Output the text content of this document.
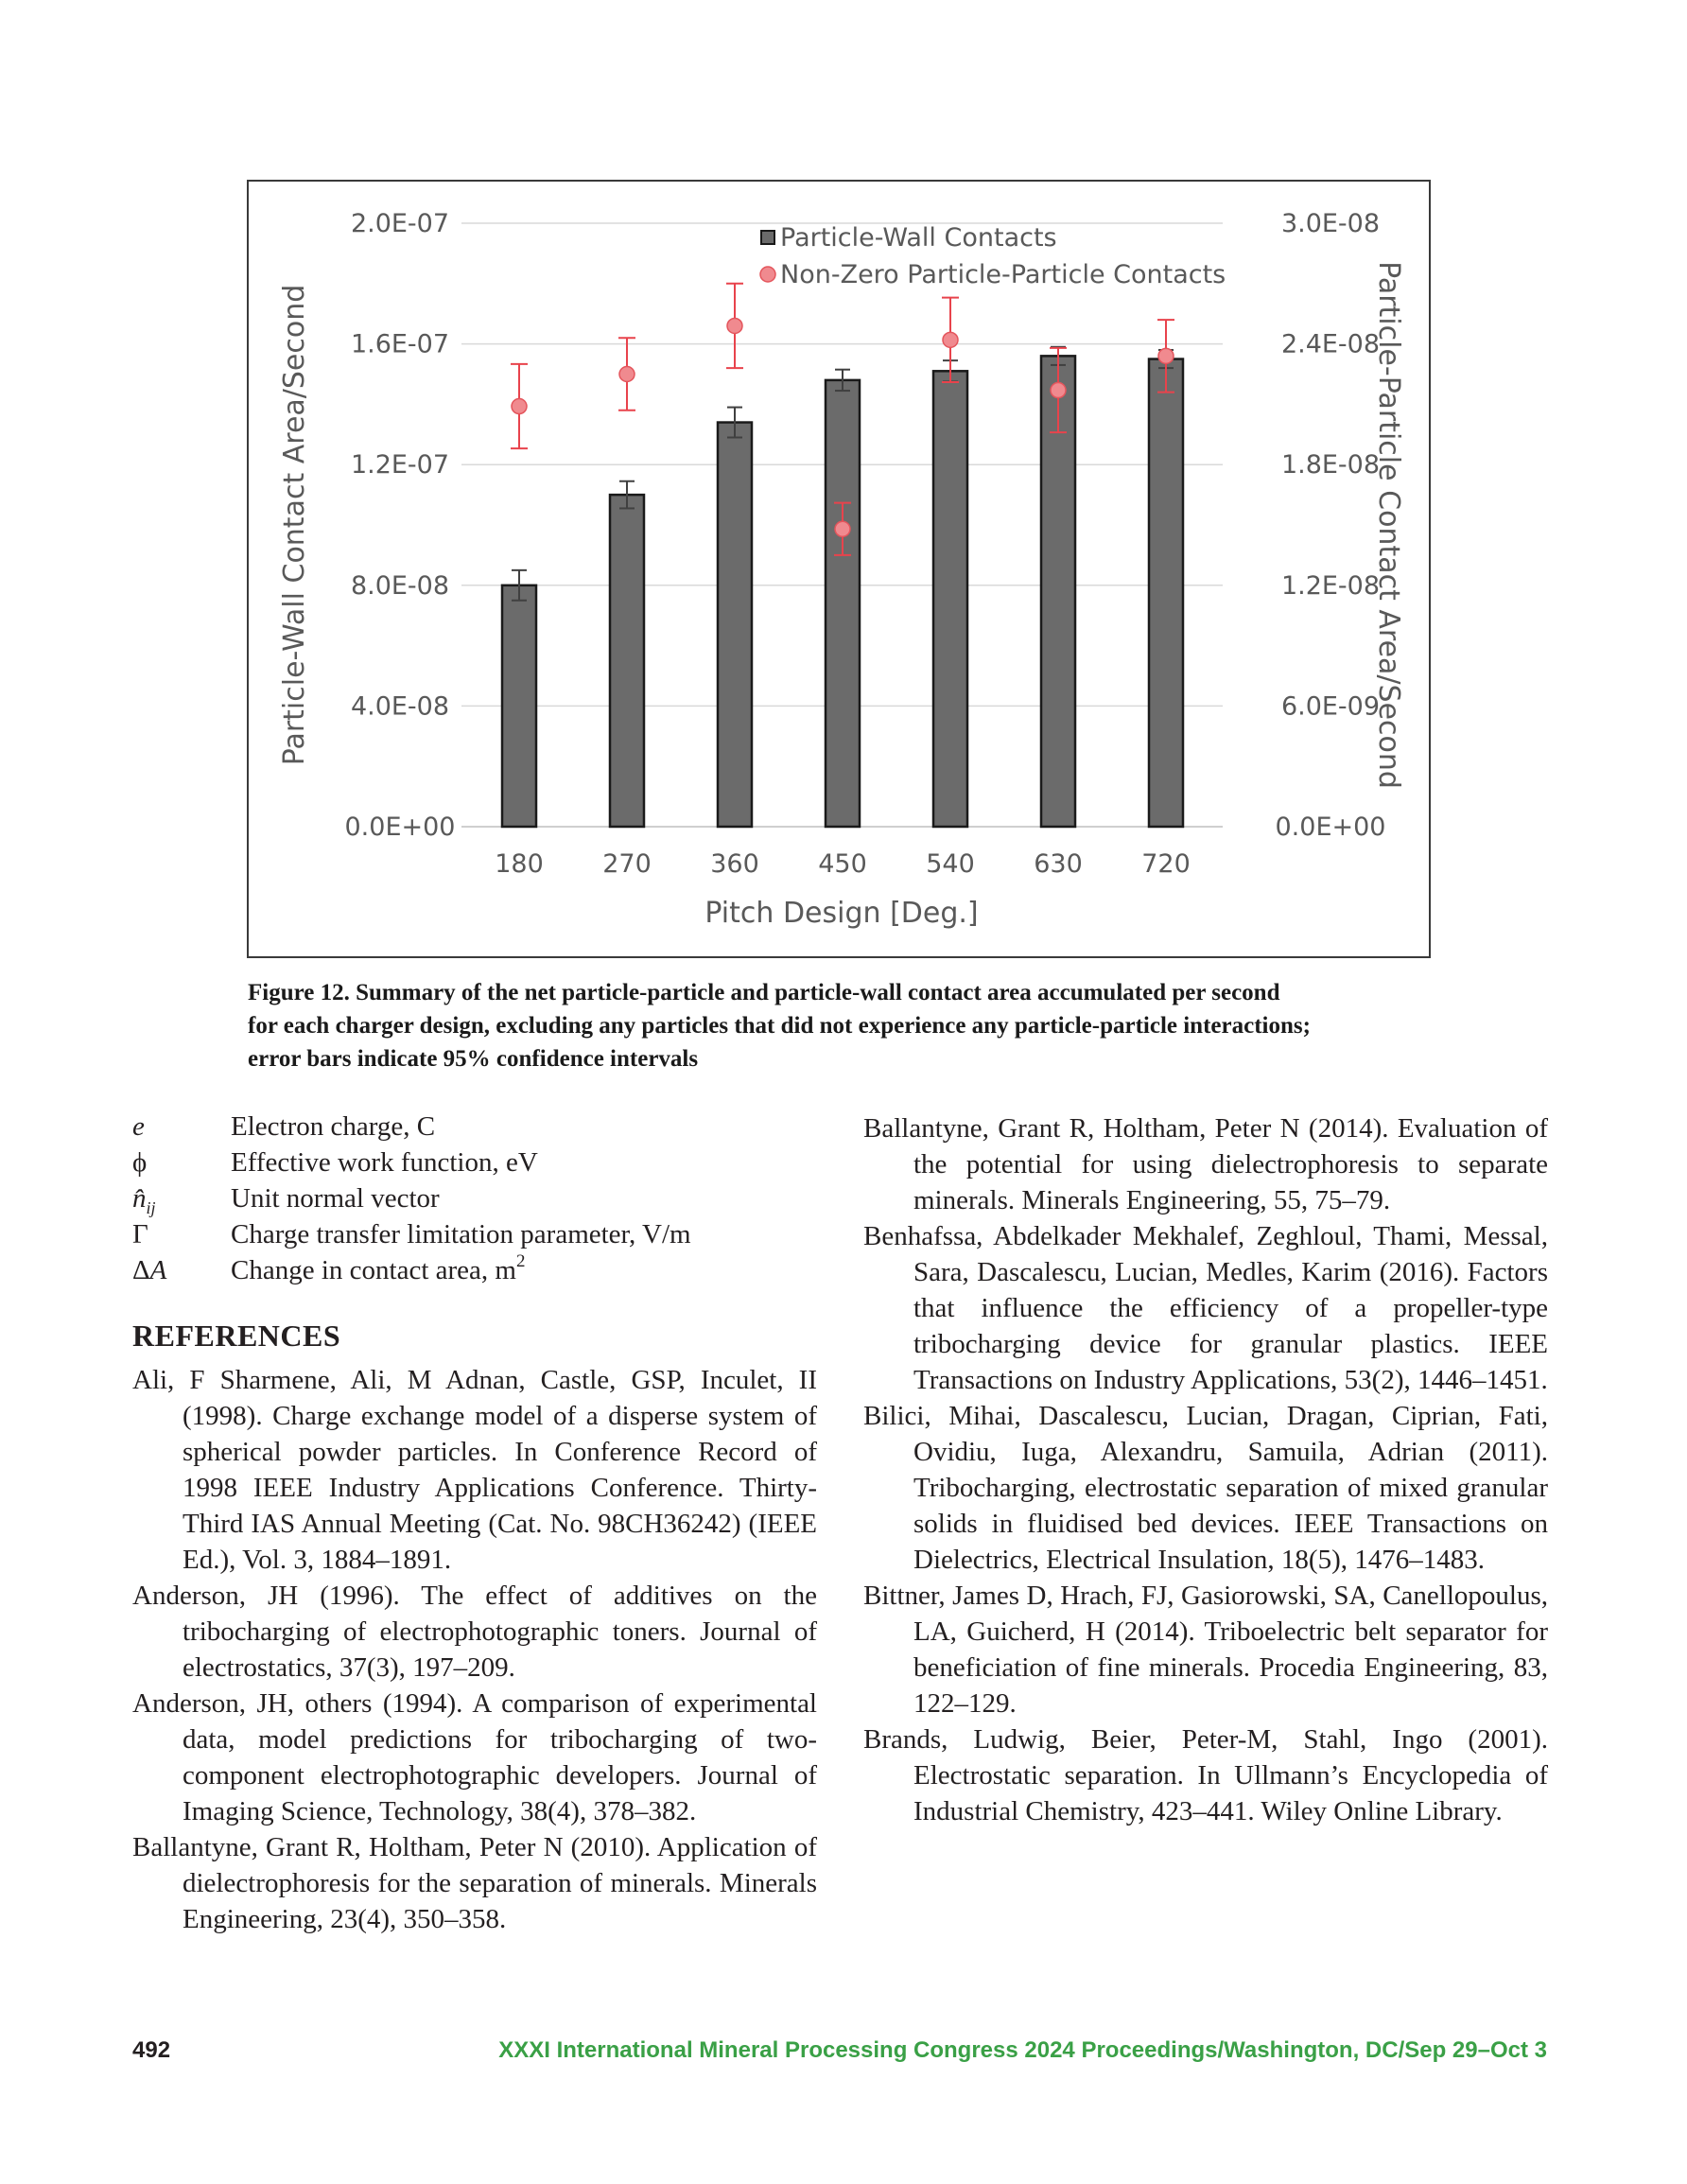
0.0E+00
4.0E-08
8.0E-08
1.2E-07
1.6E-07
2.0E-07
0.0E+00
6.0E-09
1.2E-08
1.8E-08
2.4E-08
3.0E-08
180 270 360 450 540 630 720
Pitch Design [Deg.]
Particle-Wall Contact Area/Second	Particle-Particle Contact Area/Second
Particle-Wall Contacts
Non-Zero Particle-Particle Contacts

Figure 12. Summary of the net particle-particle and particle-wall contact area accumulated per second

for each charger design, excluding any particles that did not experience any particle-particle interactions;

error bars indicate 95% confidence intervals

e	Electron charge, C
ϕ	Effective work function, eV
$n̂_{ij}$	Unit normal vector
Γ	Charge transfer limitation parameter, V/m
ΔA Change in contact area, $m^2$
REFERENCES

Ali, F Sharmene, Ali, M Adnan, Castle, GSP, Inculet, II (1998). Charge exchange model of a disperse system of spherical powder particles. In Conference Record of 1998 IEEE Industry Applications Conference. Thirty-Third IAS Annual Meeting (Cat. No. 98CH36242) (IEEE Ed.), Vol. 3, 1884–1891.

Anderson, JH (1996). The effect of additives on the tribocharging of electrophotographic toners. Journal of electrostatics, 37(3), 197–209.

Anderson, JH, others (1994). A comparison of experimental data, model predictions for tribocharging of two-component electrophotographic developers. Journal of Imaging Science, Technology, 38(4), 378–382.

Ballantyne, Grant R, Holtham, Peter N (2010). Application of dielectrophoresis for the separation of minerals. Minerals Engineering, 23(4), 350–358.

Ballantyne, Grant R, Holtham, Peter N (2014). Evaluation of the potential for using dielectrophoresis to separate minerals. Minerals Engineering, 55, 75–79.

Benhafssa, Abdelkader Mekhalef, Zeghloul, Thami, Messal, Sara, Dascalescu, Lucian, Medles, Karim (2016). Factors that influence the efficiency of a propeller-type tribocharging device for granular plastics. IEEE Transactions on Industry Applications, 53(2), 1446–1451.

Bilici, Mihai, Dascalescu, Lucian, Dragan, Ciprian, Fati, Ovidiu, Iuga, Alexandru, Samuila, Adrian (2011). Tribocharging, electrostatic separation of mixed granular solids in fluidised bed devices. IEEE Transactions on Dielectrics, Electrical Insulation, 18(5), 1476–1483.

Bittner, James D, Hrach, FJ, Gasiorowski, SA, Canellopoulus, LA, Guicherd, H (2014). Triboelectric belt separator for beneficiation of fine minerals. Procedia Engineering, 83, 122–129.

Brands, Ludwig, Beier, Peter-M, Stahl, Ingo (2001). Electrostatic separation. In Ullmann’s Encyclopedia of Industrial Chemistry, 423–441. Wiley Online Library.

492	XXXI International Mineral Processing Congress 2024 Proceedings/Washington, DC/Sep 29–Oct 3
